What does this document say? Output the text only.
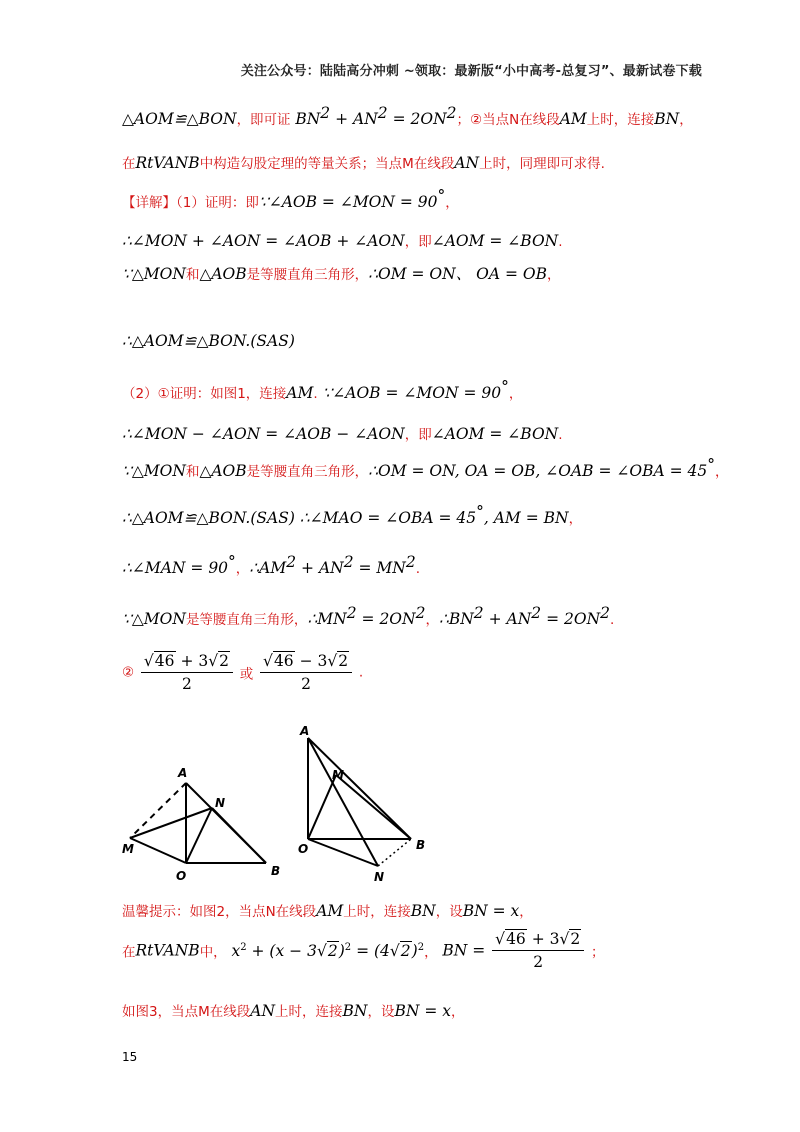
关注公众号：陆陆高分冲刺 ~领取：最新版“小中高考-总复习”、最新试卷下载
△AOM≌△BON，即可证 $BN^2 + AN^2 = 2ON^2$；②当点N在线段AM上时，连接BN，
在RtVANB中构造勾股定理的等量关系；当点M在线段AN上时，同理即可求得.
【详解】（1）证明：即∵∠AOB = ∠MON = 90°，
∴∠MON + ∠AON = ∠AOB + ∠AON，即∠AOM = ∠BON.
∵△MON和△AOB是等腰直角三角形，∴OM = ON、 OA = OB，
∴△AOM≌△BON.(SAS)
（2）①证明：如图1，连接AM. ∵∠AOB = ∠MON = 90°，
∴∠MON − ∠AON = ∠AOB − ∠AON，即∠AOM = ∠BON.
∵△MON和△AOB是等腰直角三角形，∴OM = ON, OA = OB, ∠OAB = ∠OBA = 45°，
∴△AOM≌△BON.(SAS) ∴∠MAO = ∠OBA = 45°, AM = BN，
∴∠MAN = 90°，$\therefore AM^2 + AN^2 = MN^2$.
∵△MON是等腰直角三角形，$\therefore MN^2 = 2ON^2$，$\therefore BN^2 + AN^2 = 2ON^2$.
② $\frac{√46 + 3√2}{2}$ 或 $\frac{√46 - 3√2}{2}$ .
A
N
M
O	B
A
M
O	B
N
温馨提示：如图2，当点N在线段AM上时，连接BN，设BN = x，
在RtVANB中， $x^2 + (x - 3√2)^2 = (4√2)^2$， BN = $\frac{√46 + 3√2}{2}$ ；
如图3，当点M在线段AN上时，连接BN，设BN = x，
15
